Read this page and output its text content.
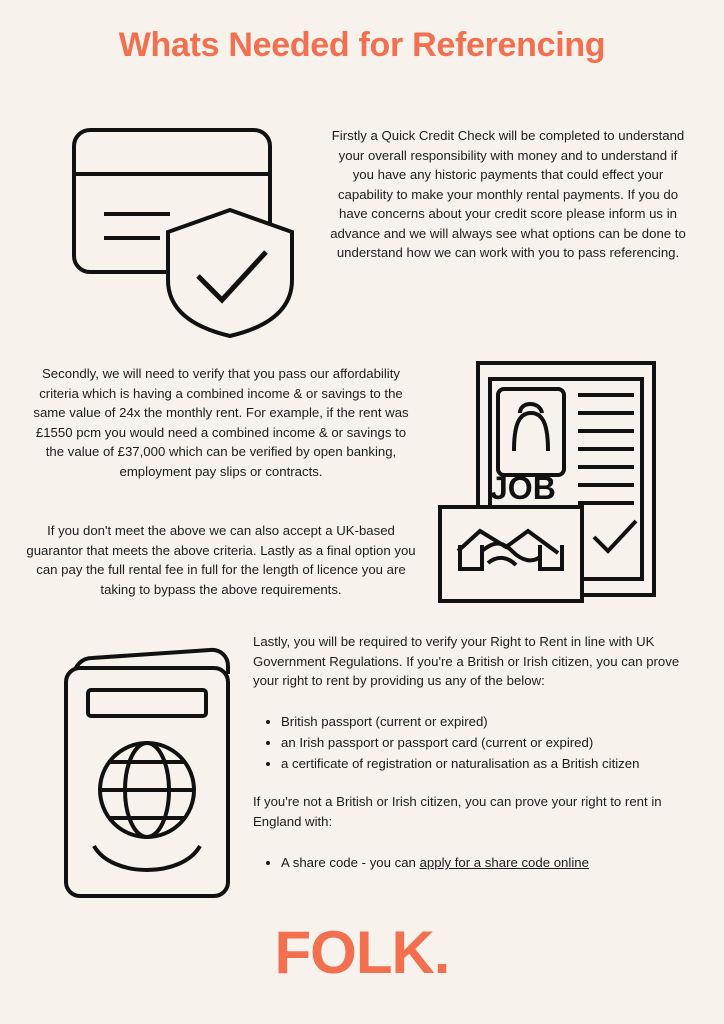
Whats Needed for Referencing
Firstly a Quick Credit Check will be completed to understand your overall responsibility with money and to understand if you have any historic payments that could effect your capability to make your monthly rental payments. If you do have concerns about your credit score please inform us in advance and we will always see what options can be done to understand how we can work with you to pass referencing.
Secondly, we will need to verify that you pass our affordability criteria which is having a combined income & or savings to the same value of 24x the monthly rent. For example, if the rent was £1550 pcm you would need a combined income & or savings to the value of £37,000 which can be verified by open banking, employment pay slips or contracts.
If you don't meet the above we can also accept a UK-based guarantor that meets the above criteria. Lastly as a final option you can pay the full rental fee in full for the length of licence you are taking to bypass the above requirements.
JOB
Lastly, you will be required to verify your Right to Rent in line with UK Government Regulations. If you're a British or Irish citizen, you can prove your right to rent by providing us any of the below:
• British passport (current or expired)
• an Irish passport or passport card (current or expired)
• a certificate of registration or naturalisation as a British citizen
If you're not a British or Irish citizen, you can prove your right to rent in England with:
• A share code - you can apply for a share code online
FOLK.
